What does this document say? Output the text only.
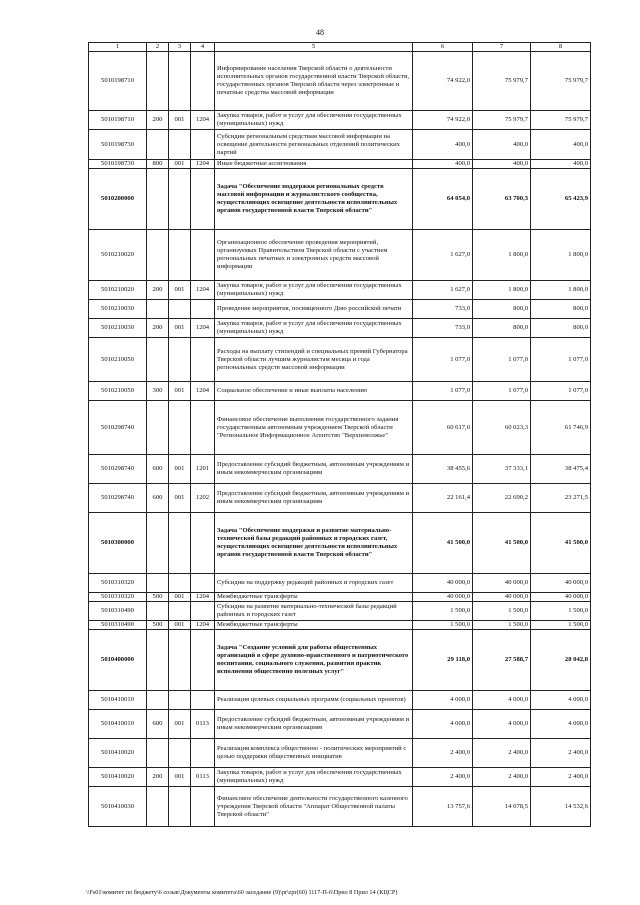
48
1	2	3	4	5	6	7	8
5010198710				Информирование населения Тверской области о деятельности исполнительных органов государственной власти Тверской области, государственных органов Тверской области через электронные и печатные средства массовой информации	74 922,0	75 979,7	75 979,7
5010198710	200	001	1204	Закупка товаров, работ и услуг для обеспечения государственных (муниципальных) нужд	74 922,0	75 979,7	75 979,7
5010198730				Субсидии региональным средствам массовой информации на освещение деятельности региональных отделений политических партий	400,0	400,0	400,0
5010198730	800	001	1204	Иные бюджетные ассигнования	400,0	400,0	400,0
5010200000				Задача "Обеспечение поддержки региональных средств массовой информации и журналистского сообщества, осуществляющих освещение деятельности исполнительных органов государственной власти Тверской области"	64 054,0	63 700,3	65 423,9
5010210020				Организационное обеспечение проведения мероприятий, организуемых Правительством Тверской области с участием региональных печатных и электронных средств массовой информации	1 627,0	1 800,0	1 800,0
5010210020	200	001	1204	Закупка товаров, работ и услуг для обеспечения государственных (муниципальных) нужд	1 627,0	1 800,0	1 800,0
5010210030				Проведение мероприятия, посвященного Дню российской печати	733,0	800,0	800,0
5010210030	200	001	1204	Закупка товаров, работ и услуг для обеспечения государственных (муниципальных) нужд	733,0	800,0	800,0
5010210050				Расходы на выплату стипендий и специальных премий Губернатора Тверской области лучшим журналистам месяца и года региональных средств массовой информации	1 077,0	1 077,0	1 077,0
5010210050	300	001	1204	Социальное обеспечение и иные выплаты населению	1 077,0	1 077,0	1 077,0
5010298740				Финансовое обеспечение выполнения государственного задания государственным автономным учреждением Тверской области "Региональное Информационное Агентство "Верхневолжье"	60 617,0	60 023,3	61 746,9
5010298740	600	001	1201	Предоставление субсидий бюджетным, автономным учреждениям и иным некоммерческим организациям	38 455,6	37 333,1	38 475,4
5010298740	600	001	1202	Предоставление субсидий бюджетным, автономным учреждениям и иным некоммерческим организациям	22 161,4	22 690,2	23 271,5
5010300000				Задача "Обеспечение поддержки и развитие материально-технической базы редакций районных и городских газет, осуществляющих освещение деятельности исполнительных органов государственной власти Тверской области"	41 500,0	41 500,0	41 500,0
5010310320				Субсидии на поддержку редакций районных и городских газет	40 000,0	40 000,0	40 000,0
5010310320	500	001	1204	Межбюджетные трансферты	40 000,0	40 000,0	40 000,0
5010310490				Субсидии на развитие материально-технической базы редакций районных и городских газет	1 500,0	1 500,0	1 500,0
5010310490	500	001	1204	Межбюджетные трансферты	1 500,0	1 500,0	1 500,0
5010400000				Задача "Создание условий для работы общественных организаций в сфере духовно-нравственного и патриотического воспитания, социального служения, развития практик исполнения общественно полезных услуг"	29 118,0	27 588,7	28 042,8
5010410010				Реализация целевых социальных программ (социальных проектов)	4 000,0	4 000,0	4 000,0
5010410010	600	001	0113	Предоставление субсидий бюджетным, автономным учреждениям и иным некоммерческим организациям	4 000,0	4 000,0	4 000,0
5010410020				Реализация комплекса общественно - политических мероприятий с целью поддержки общественных инициатив	2 400,0	2 400,0	2 400,0
5010410020	200	001	0113	Закупка товаров, работ и услуг для обеспечения государственных (муниципальных) нужд	2 400,0	2 400,0	2 400,0
5010410030				Финансовое обеспечение деятельности государственного казенного учреждения Тверской области "Аппарат Общественной палаты Тверской области"	13 757,6	14 078,5	14 532,6
\\Fs01\комитет по бюджету\6 созыв\Документы комитета\60 заседание (9)\pr\zpr(60) 1117-П-6\Прил 8 Прил 14 (КЦСР)
